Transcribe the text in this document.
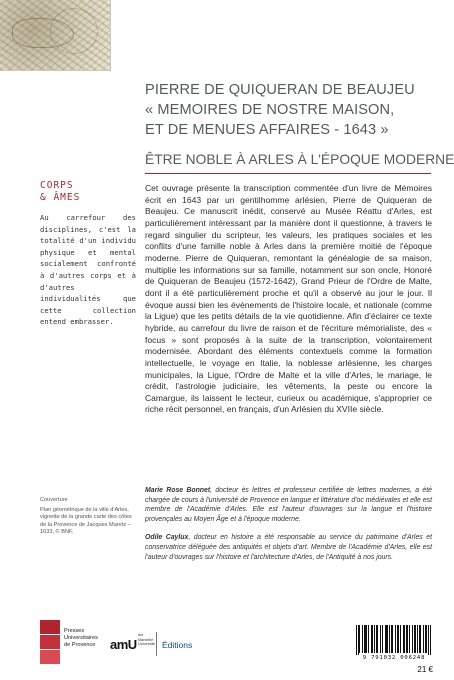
PIERRE DE QUIQUERAN DE BEAUJEU
« MEMOIRES DE NOSTRE MAISON,
ET DE MENUES AFFAIRES - 1643 »
ÊTRE NOBLE À ARLES À L'ÉPOQUE MODERNE
CORPS
& ÂMES
Au carrefour des disciplines, c'est la totalité d'un individu physique et mental socialement confronté à d'autres corps et à d'autres individualités que cette collection entend embrasser.
Cet ouvrage présente la transcription commentée d'un livre de Mémoires écrit en 1643 par un gentilhomme arlésien, Pierre de Quiqueran de Beaujeu. Ce manuscrit inédit, conservé au Musée Réattu d'Arles, est particulièrement intéressant par la manière dont il questionne, à travers le regard singulier du scripteur, les valeurs, les pratiques sociales et les conflits d'une famille noble à Arles dans la première moitié de l'époque moderne. Pierre de Quiqueran, remontant la généalogie de sa maison, multiplie les informations sur sa famille, notamment sur son oncle, Honoré de Quiqueran de Beaujeu (1572-1642), Grand Prieur de l'Ordre de Malte, dont il a été particulièrement proche et qu'il a observé au jour le jour. Il évoque aussi bien les événements de l'histoire locale, et nationale (comme la Ligue) que les petits détails de la vie quotidienne. Afin d'éclairer ce texte hybride, au carrefour du livre de raison et de l'écriture mémorialiste, des « focus » sont proposés à la suite de la transcription, volontairement modernisée. Abordant des éléments contextuels comme la formation intellectuelle, le voyage en Italie, la noblesse arlésienne, les charges municipales, la Ligue, l'Ordre de Malte et la ville d'Arles, le mariage, le crédit, l'astrologie judiciaire, les vêtements, la peste ou encore la Camargue, ils laissent le lecteur, curieux ou académique, s'approprier ce riche récit personnel, en français, d'un Arlésien du XVIIe siècle.
Couverture
Plan géométrique de la ville d'Arles, vignette de la grande carte des côtes de la Provence de Jacques Maretz – 1633, © BNF.

Marie Rose Bonnet, docteur ès lettres et professeur certifiée de lettres modernes, a été chargée de cours à l'université de Provence en langue et littérature d'oc médiévales et elle est membre de l'Académie d'Arles. Elle est l'auteur d'ouvrages sur la langue et l'histoire provençales au Moyen Âge et à l'époque moderne.

Odile Caylux, docteur en histoire a été responsable au service du patrimoine d'Arles et conservatrice déléguée des antiquités et objets d'art. Membre de l'Académie d'Arles, elle est l'auteur d'ouvrages sur l'histoire et l'architecture d'Arles, de l'Antiquité à nos jours.

Presses
Universitaires
de Provence amU
Aix
Marseille
Université Éditions
9 791032 006248
21 €
